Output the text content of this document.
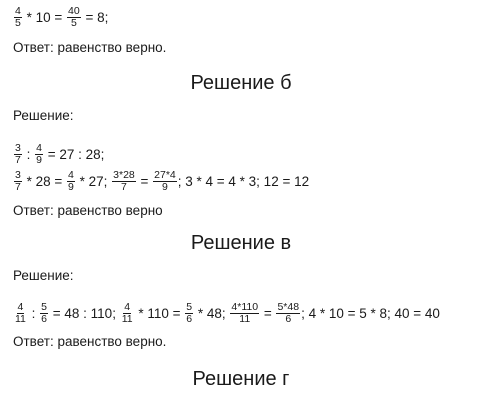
$\frac{4}{5} * 10 = \frac{40}{5} = 8$;
Ответ: равенство верно.
Решение б
Решение:
$\frac{3}{7}$ : $\frac{4}{9} = 27$ : 28;
$\frac{3}{7} * 28 = \frac{4}{9} * 27$; $\frac{3*28}{7} = \frac{27*4}{9}$ ; 3 * 4 = 4 * 3; 12 = 12
Ответ: равенство верно
Решение в
Решение:
$\frac{4}{11}$ : $\frac{5}{6} = 48$ : 110; $\frac{4}{11} * 110 = \frac{5}{6} * 48$; $\frac{4*110}{11} = \frac{5*48}{6}$ ; 4 * 10 = 5 * 8; 40 = 40
Ответ: равенство верно.
Решение г
